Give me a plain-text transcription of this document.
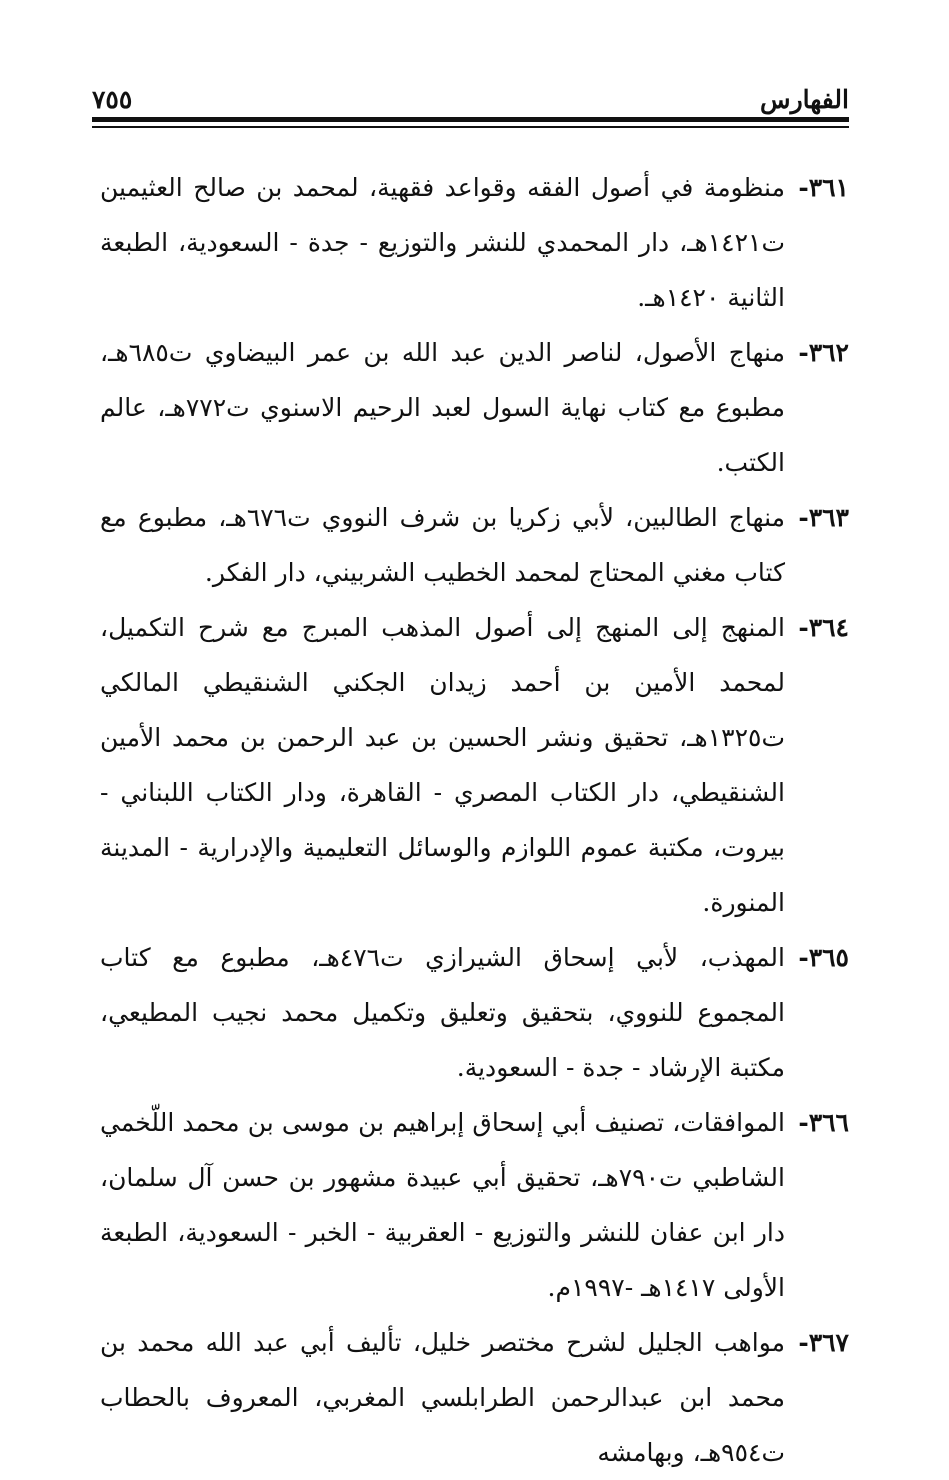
الفهارس
٧٥٥
٣٦١-
منظومة في أصول الفقه وقواعد فقهية، لمحمد بن صالح العثيمين ت١٤٢١هـ، دار المحمدي للنشر والتوزيع - جدة - السعودية، الطبعة الثانية ١٤٢٠هـ.
٣٦٢-
منهاج الأصول، لناصر الدين عبد الله بن عمر البيضاوي ت٦٨٥هـ، مطبوع مع كتاب نهاية السول لعبد الرحيم الاسنوي ت٧٧٢هـ، عالم الكتب.
٣٦٣-
منهاج الطالبين، لأبي زكريا بن شرف النووي ت٦٧٦هـ، مطبوع مع كتاب مغني المحتاج لمحمد الخطيب الشربيني، دار الفكر.
٣٦٤-
المنهج إلى المنهج إلى أصول المذهب المبرج مع شرح التكميل، لمحمد الأمين بن أحمد زيدان الجكني الشنقيطي المالكي ت١٣٢٥هـ، تحقيق ونشر الحسين بن عبد الرحمن بن محمد الأمين الشنقيطي، دار الكتاب المصري - القاهرة، ودار الكتاب اللبناني - بيروت، مكتبة عموم اللوازم والوسائل التعليمية والإدرارية - المدينة المنورة.
٣٦٥-
المهذب، لأبي إسحاق الشيرازي ت٤٧٦هـ، مطبوع مع كتاب المجموع للنووي، بتحقيق وتعليق وتكميل محمد نجيب المطيعي، مكتبة الإرشاد - جدة - السعودية.
٣٦٦-
الموافقات، تصنيف أبي إسحاق إبراهيم بن موسى بن محمد اللّخمي الشاطبي ت٧٩٠هـ، تحقيق أبي عبيدة مشهور بن حسن آل سلمان، دار ابن عفان للنشر والتوزيع - العقربية - الخبر - السعودية، الطبعة الأولى ١٤١٧هـ -١٩٩٧م.
٣٦٧-
مواهب الجليل لشرح مختصر خليل، تأليف أبي عبد الله محمد بن محمد ابن عبدالرحمن الطرابلسي المغربي، المعروف بالحطاب ت٩٥٤هـ، وبهامشه
